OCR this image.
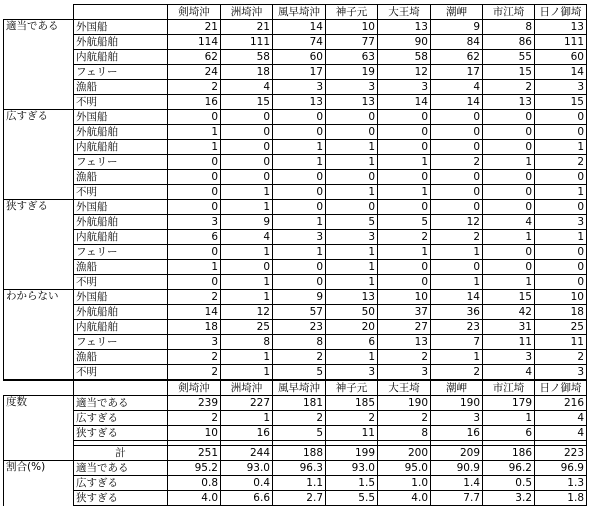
		剣埼沖	洲埼沖	風早埼沖	神子元	大王埼	潮岬	市江埼	日ノ御埼
適当である	外国船	21	21	14	10	13	9	8	13
	外航船舶	114	111	74	77	90	84	86	111
	内航船舶	62	58	60	63	58	62	55	60
	フェリー	24	18	17	19	12	17	15	14
	漁船	2	4	3	3	3	4	2	3
	不明	16	15	13	13	14	14	13	15
広すぎる	外国船	0	0	0	0	0	0	0	0
	外航船舶	1	0	0	0	0	0	0	0
	内航船舶	1	0	1	1	0	0	0	1
	フェリー	0	0	1	1	1	2	1	2
	漁船	0	0	0	0	0	0	0	0
	不明	0	1	0	1	1	0	0	1
狭すぎる	外国船	0	1	0	0	0	0	0	0
	外航船舶	3	9	1	5	5	12	4	3
	内航船舶	6	4	3	3	2	2	1	1
	フェリー	0	1	1	1	1	1	0	0
	漁船	1	0	0	1	0	0	0	0
	不明	0	1	0	1	0	1	1	0
わからない	外国船	2	1	9	13	10	14	15	10
	外航船舶	14	12	57	50	37	36	42	18
	内航船舶	18	25	23	20	27	23	31	25
	フェリー	3	8	8	6	13	7	11	11
	漁船	2	1	2	1	2	1	3	2
	不明	2	1	5	3	3	2	4	3
		剣埼沖	洲埼沖	風早埼沖	神子元	大王埼	潮岬	市江埼	日ノ御埼
度数	適当である	239	227	181	185	190	190	179	216
	広すぎる	2	1	2	2	2	3	1	4
	狭すぎる	10	16	5	11	8	16	6	4

	計	251	244	188	199	200	209	186	223
割合(%)	適当である	95.2	93.0	96.3	93.0	95.0	90.9	96.2	96.9
	広すぎる	0.8	0.4	1.1	1.5	1.0	1.4	0.5	1.3
	狭すぎる	4.0	6.6	2.7	5.5	4.0	7.7	3.2	1.8
